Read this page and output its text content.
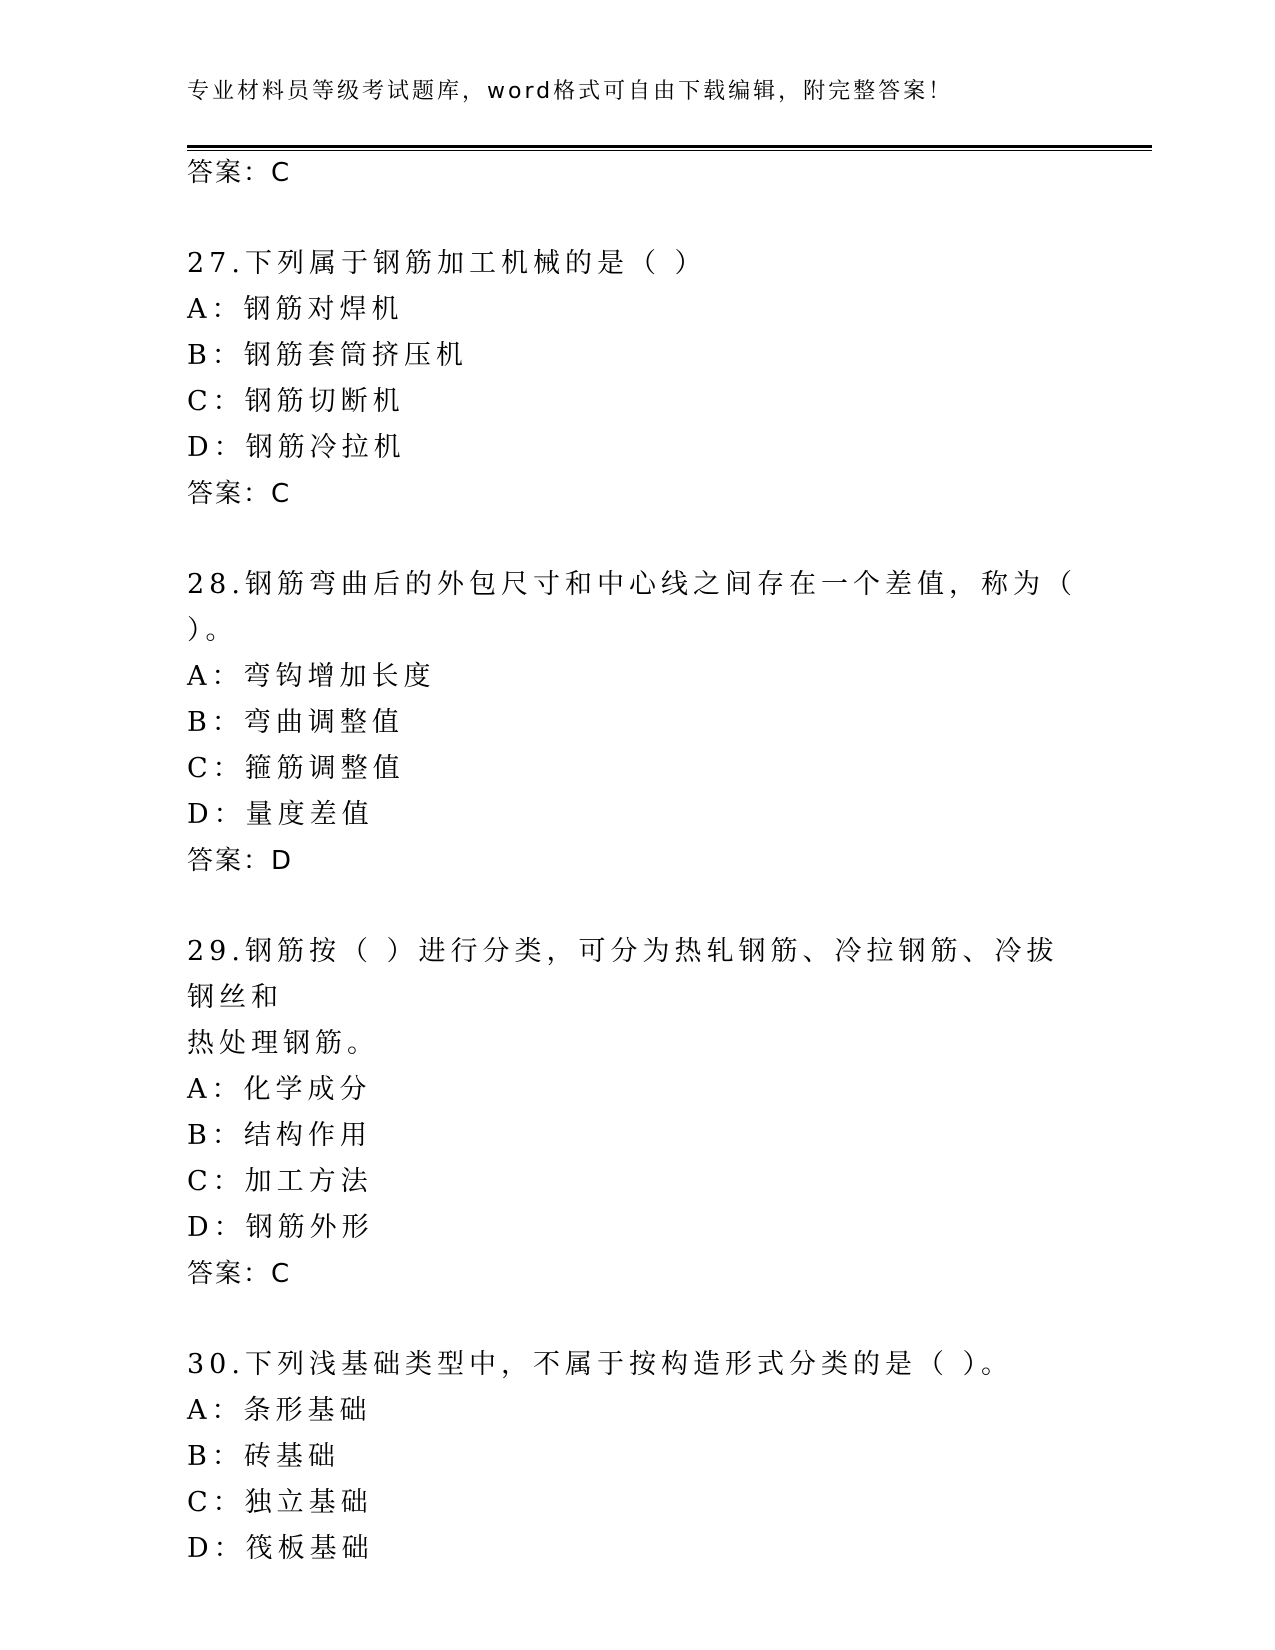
专业材料员等级考试题库，word格式可自由下载编辑，附完整答案！
答案：C
27.下列属于钢筋加工机械的是（ ）
A：钢筋对焊机
B：钢筋套筒挤压机
C：钢筋切断机
D：钢筋冷拉机
答案：C
28.钢筋弯曲后的外包尺寸和中心线之间存在一个差值，称为（ ）。
A：弯钩增加长度
B：弯曲调整值
C：箍筋调整值
D：量度差值
答案：D
29.钢筋按（ ）进行分类，可分为热轧钢筋、冷拉钢筋、冷拔钢丝和
热处理钢筋。
A：化学成分
B：结构作用
C：加工方法
D：钢筋外形
答案：C
30.下列浅基础类型中，不属于按构造形式分类的是（ ）。
A：条形基础
B：砖基础
C：独立基础
D：筏板基础
